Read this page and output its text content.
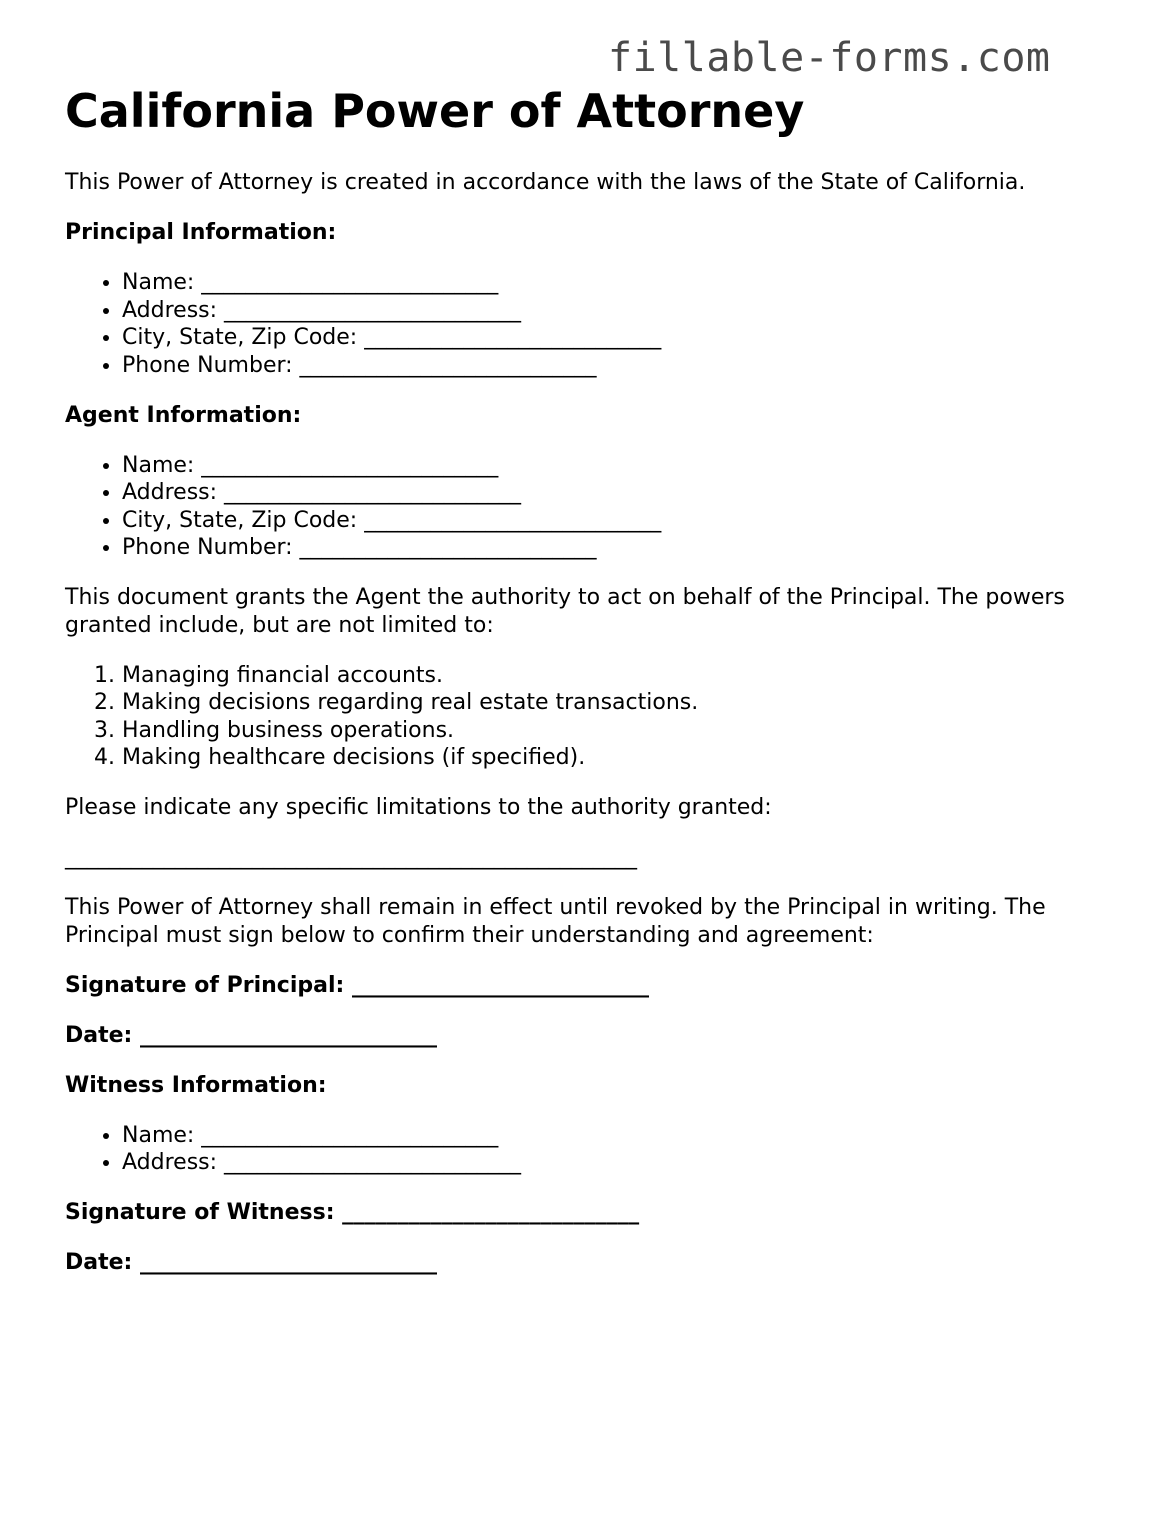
fillable-forms.com
California Power of Attorney

This Power of Attorney is created in accordance with the laws of the State of California.

Principal Information:

• Name: ___________________________
• Address: ___________________________
• City, State, Zip Code: ___________________________
• Phone Number: ___________________________

Agent Information:

• Name: ___________________________
• Address: ___________________________
• City, State, Zip Code: ___________________________
• Phone Number: ___________________________

This document grants the Agent the authority to act on behalf of the Principal. The powers granted include, but are not limited to:

1. Managing financial accounts.
2. Making decisions regarding real estate transactions.
3. Handling business operations.
4. Making healthcare decisions (if specified).

Please indicate any specific limitations to the authority granted:

____________________________________________________

This Power of Attorney shall remain in effect until revoked by the Principal in writing. The Principal must sign below to confirm their understanding and agreement:

Signature of Principal: ___________________________

Date: ___________________________

Witness Information:

• Name: ___________________________
• Address: ___________________________

Signature of Witness: ___________________________

Date: ___________________________
